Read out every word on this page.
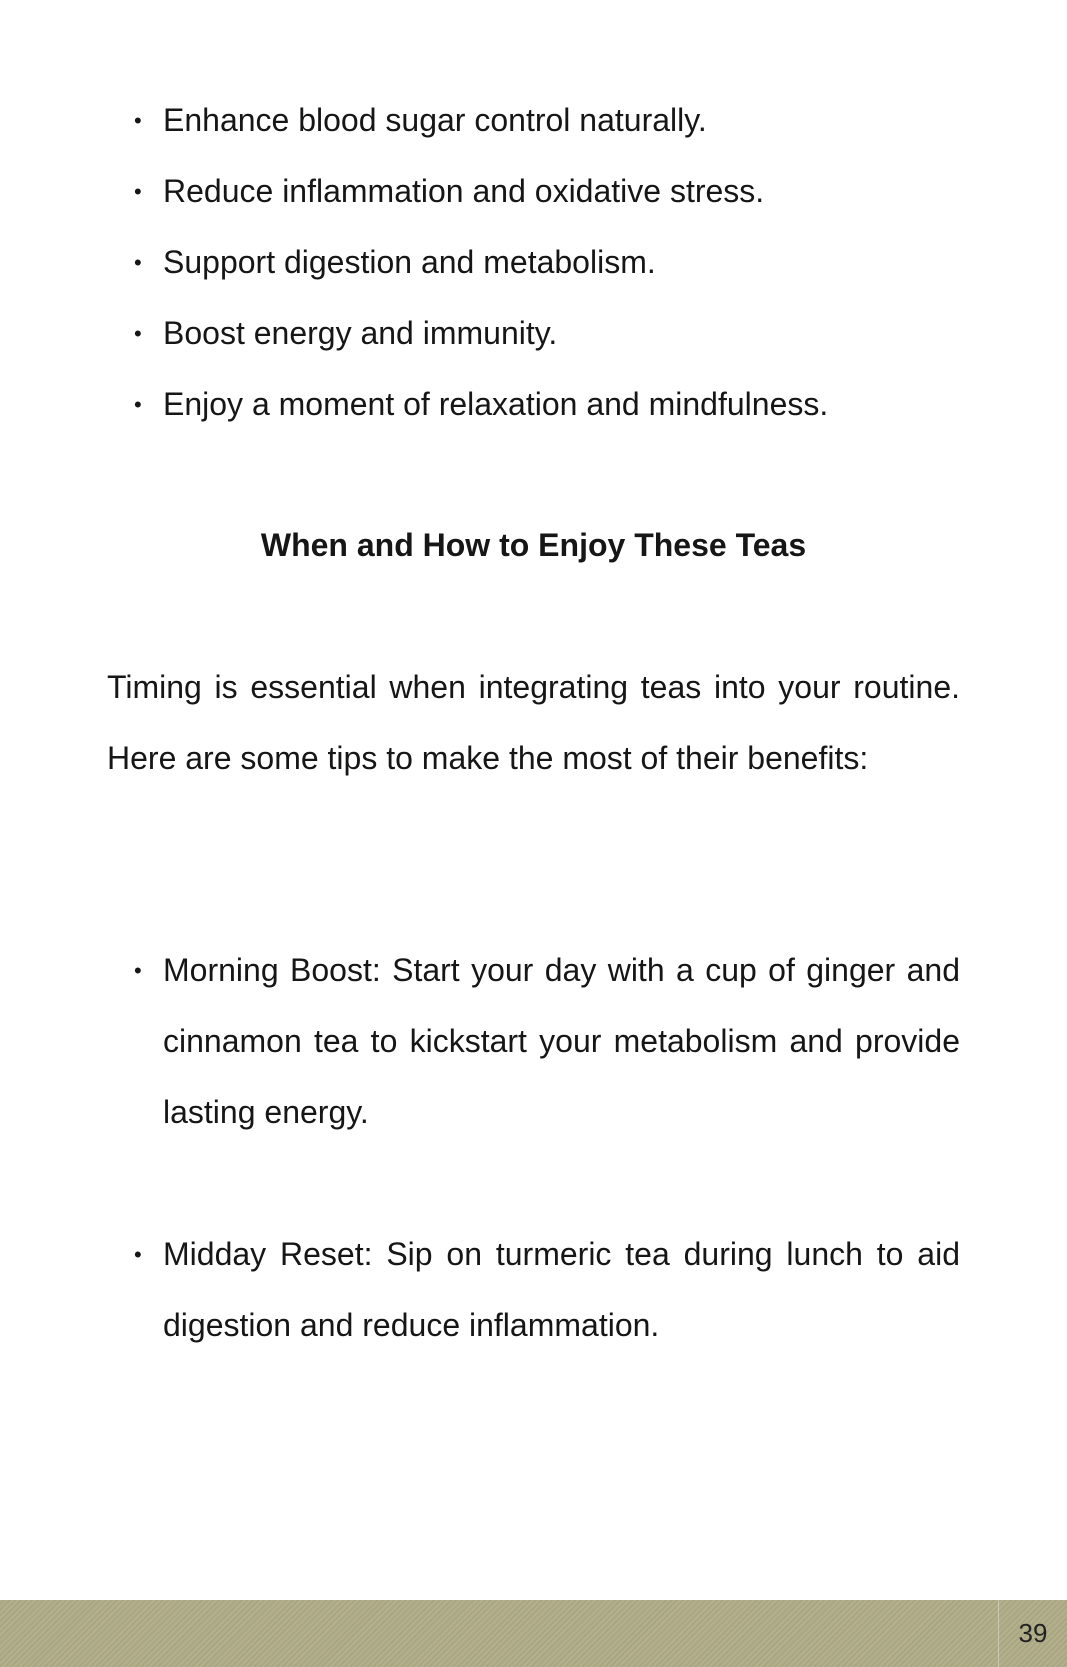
• Enhance blood sugar control naturally.
• Reduce inflammation and oxidative stress.
• Support digestion and metabolism.
• Boost energy and immunity.
• Enjoy a moment of relaxation and mindfulness.
When and How to Enjoy These Teas

Timing is essential when integrating teas into your routine. Here are some tips to make the most of their benefits:

• Morning Boost: Start your day with a cup of ginger and cinnamon tea to kickstart your metabolism and provide lasting energy.
• Midday Reset: Sip on turmeric tea during lunch to aid digestion and reduce inflammation.
39
